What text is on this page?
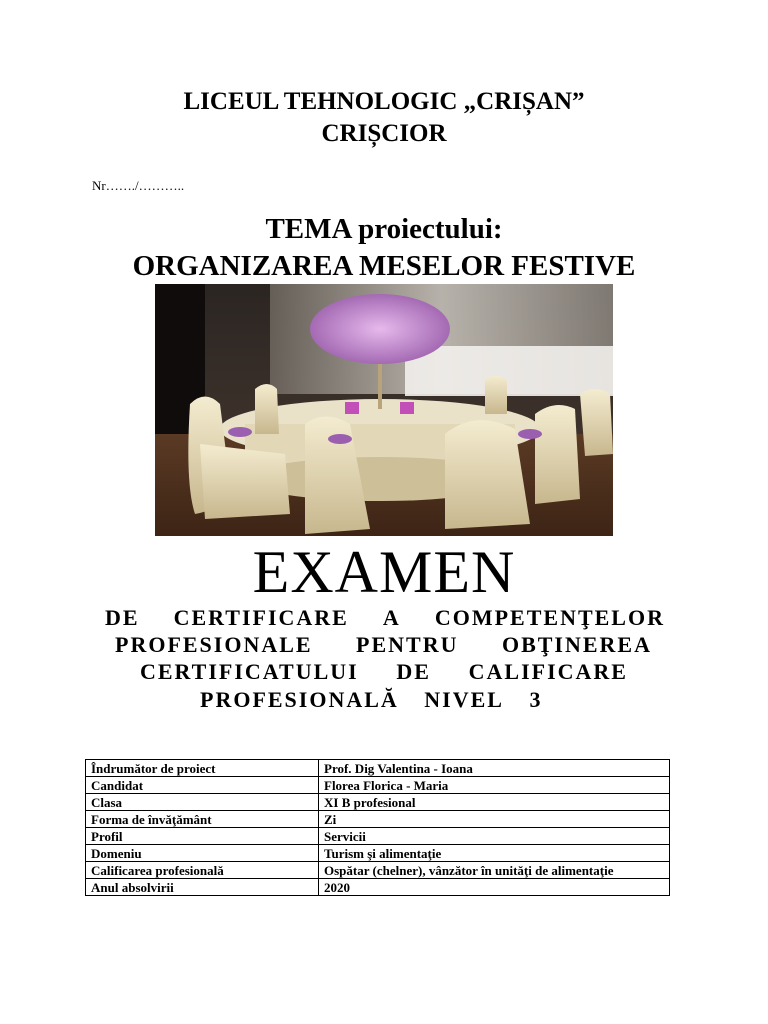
LICEUL TEHNOLOGIC „CRIȘAN”
CRIȘCIOR
Nr……./………..
TEMA proiectului:
ORGANIZAREA MESELOR FESTIVE
EXAMEN
DE CERTIFICARE A COMPETENŢELOR
PROFESIONALE PENTRU OBŢINEREA
CERTIFICATULUI DE CALIFICARE
PROFESIONALĂ NIVEL 3
Îndrumător de proiect	Prof. Dig Valentina - Ioana
Candidat	Florea Florica - Maria
Clasa	XI B profesional
Forma de învăţământ	Zi
Profil	Servicii
Domeniu	Turism şi alimentaţie
Calificarea profesională	Ospătar (chelner), vânzător în unităţi de alimentaţie
Anul absolvirii	2020
